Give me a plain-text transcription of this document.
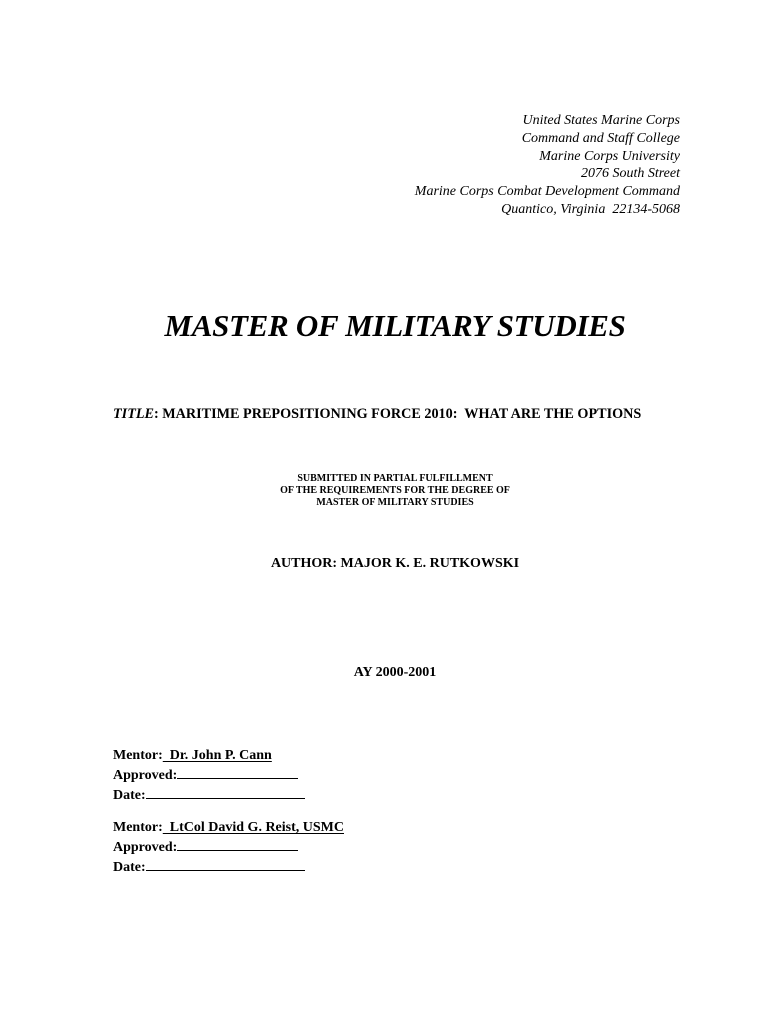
United States Marine Corps
Command and Staff College
Marine Corps University
2076 South Street
Marine Corps Combat Development Command
Quantico, Virginia  22134-5068
MASTER OF MILITARY STUDIES
TITLE: MARITIME PREPOSITIONING FORCE 2010:  WHAT ARE THE OPTIONS
SUBMITTED IN PARTIAL FULFILLMENT
OF THE REQUIREMENTS FOR THE DEGREE OF
MASTER OF MILITARY STUDIES
AUTHOR: MAJOR K. E. RUTKOWSKI
AY 2000-2001
Mentor:  Dr. John P. Cann
Approved:
Date:
Mentor:  LtCol David G. Reist, USMC
Approved:
Date:
